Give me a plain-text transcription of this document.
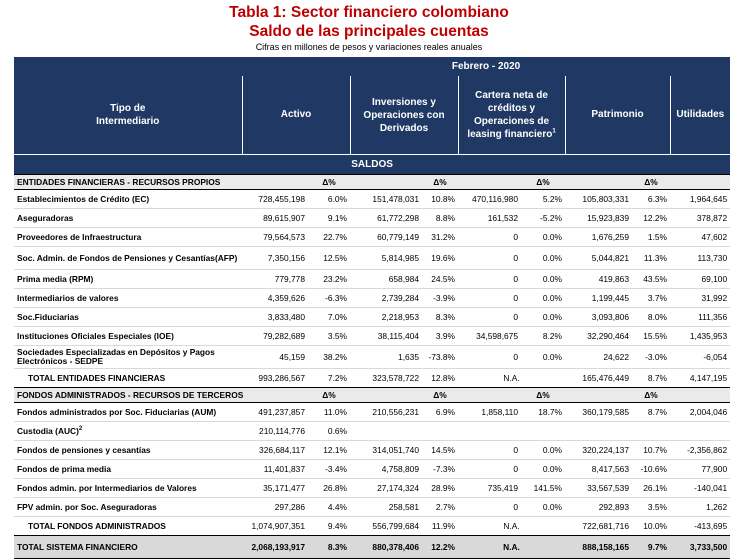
Tabla 1: Sector financiero colombiano
Saldo de las principales cuentas
Cifras en millones de pesos y variaciones reales anuales
	Febrero - 2020								
Tipo de Intermediario	Activo		Inversiones y Operaciones con Derivados		Cartera neta de créditos y Operaciones de leasing financiero$^1$		Patrimonio		Utilidades
SALDOS									
ENTIDADES FINANCIERAS - RECURSOS PROPIOS		Δ%		Δ%		Δ%		Δ%	
Establecimientos de Crédito (EC)	728,455,198	6.0%	151,478,031	10.8%	470,116,980	5.2%	105,803,331	6.3%	1,964,645
Aseguradoras	89,615,907	9.1%	61,772,298	8.8%	161,532	-5.2%	15,923,839	12.2%	378,872
Proveedores de Infraestructura	79,564,573	22.7%	60,779,149	31.2%	0	0.0%	1,676,259	1.5%	47,602
Soc. Admin. de Fondos de Pensiones y Cesantías(AFP)	7,350,156	12.5%	5,814,985	19.6%	0	0.0%	5,044,821	11.3%	113,730
Prima media (RPM)	779,778	23.2%	658,984	24.5%	0	0.0%	419,863	43.5%	69,100
Intermediarios de valores	4,359,626	-6.3%	2,739,284	-3.9%	0	0.0%	1,199,445	3.7%	31,992
Soc.Fiduciarias	3,833,480	7.0%	2,218,953	8.3%	0	0.0%	3,093,806	8.0%	111,356
Instituciones Oficiales Especiales (IOE)	79,282,689	3.5%	38,115,404	3.9%	34,598,675	8.2%	32,290,464	15.5%	1,435,953
Sociedades Especializadas en Depósitos y Pagos Electrónicos - SEDPE	45,159	38.2%	1,635	-73.8%	0	0.0%	24,622	-3.0%	-6,054
TOTAL ENTIDADES FINANCIERAS	993,286,567	7.2%	323,578,722	12.8%	N.A.		165,476,449	8.7%	4,147,195
FONDOS ADMINISTRADOS - RECURSOS DE TERCEROS		Δ%		Δ%		Δ%		Δ%	
Fondos administrados por Soc. Fiduciarias (AUM)	491,237,857	11.0%	210,556,231	6.9%	1,858,110	18.7%	360,179,585	8.7%	2,004,046
Custodia (AUC)$^2$	210,114,776	0.6%							
Fondos de pensiones y cesantías	326,684,117	12.1%	314,051,740	14.5%	0	0.0%	320,224,137	10.7%	-2,356,862
Fondos de prima media	11,401,837	-3.4%	4,758,809	-7.3%	0	0.0%	8,417,563	-10.6%	77,900
Fondos admin. por Intermediarios de Valores	35,171,477	26.8%	27,174,324	28.9%	735,419	141.5%	33,567,539	26.1%	-140,041
FPV admin. por Soc. Aseguradoras	297,286	4.4%	258,581	2.7%	0	0.0%	292,893	3.5%	1,262
TOTAL FONDOS ADMINISTRADOS	1,074,907,351	9.4%	556,799,684	11.9%	N.A.		722,681,716	10.0%	-413,695
TOTAL SISTEMA FINANCIERO	2,068,193,917	8.3%	880,378,406	12.2%	N.A.		888,158,165	9.7%	3,733,500
